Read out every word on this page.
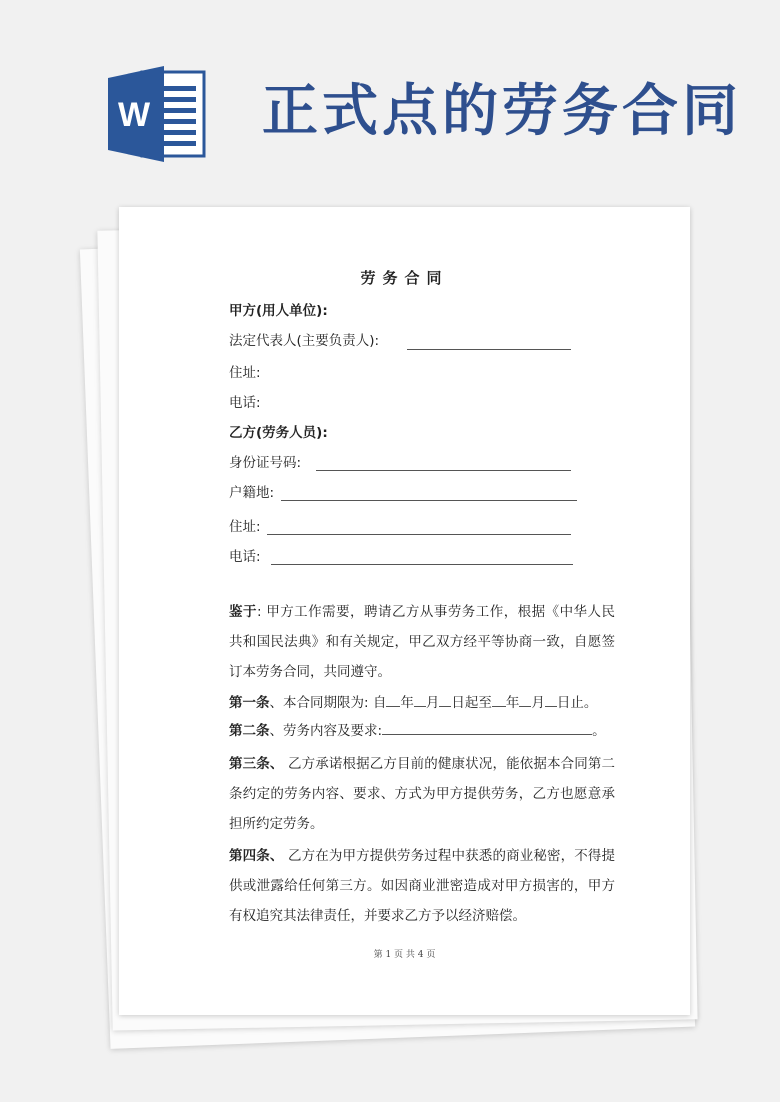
W 正式点的劳务合同
劳务合同
甲方(用人单位):
法定代表人(主要负责人):
住址:
电话:
乙方(劳务人员):
身份证号码:
户籍地:
住址:
电话:
鉴于: 甲方工作需要，聘请乙方从事劳务工作，根据《中华人民共和国民法典》和有关规定，甲乙双方经平等协商一致，自愿签订本劳务合同，共同遵守。
第一条、本合同期限为: 自 年 月 日起至 年 月 日止。
第二条、劳务内容及要求:	。
第三条、 乙方承诺根据乙方目前的健康状况，能依据本合同第二条约定的劳务内容、要求、方式为甲方提供劳务，乙方也愿意承担所约定劳务。
第四条、 乙方在为甲方提供劳务过程中获悉的商业秘密，不得提供或泄露给任何第三方。如因商业泄密造成对甲方损害的，甲方有权追究其法律责任，并要求乙方予以经济赔偿。
第 1 页 共 4 页
